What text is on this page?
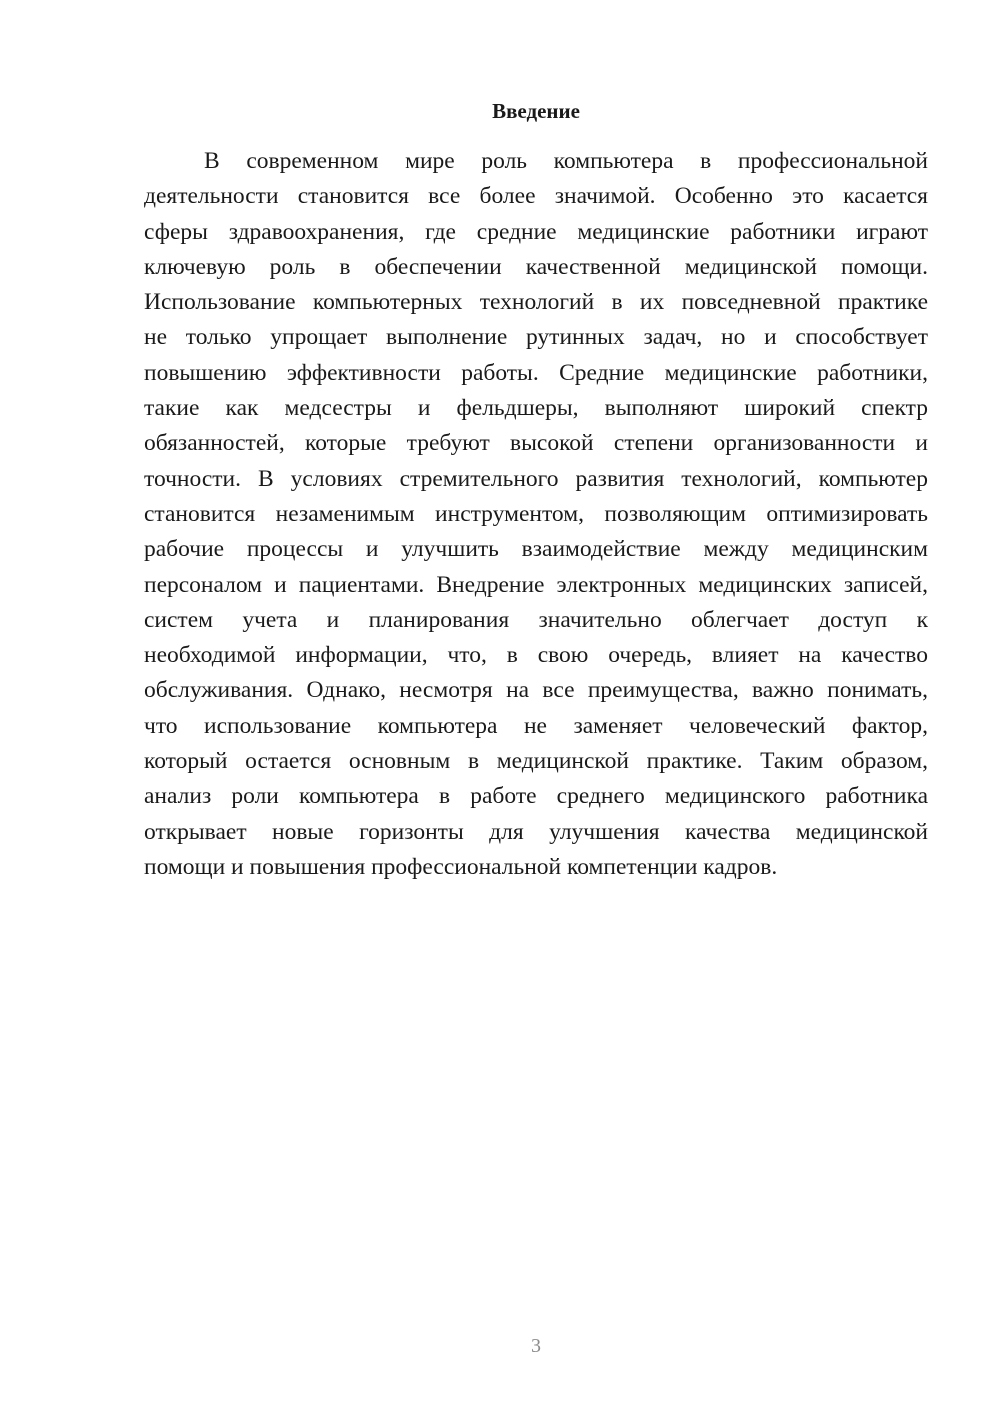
Введение
В современном мире роль компьютера в профессиональной
деятельности становится все более значимой. Особенно это касается
сферы здравоохранения, где средние медицинские работники играют
ключевую роль в обеспечении качественной медицинской помощи.
Использование компьютерных технологий в их повседневной практике
не только упрощает выполнение рутинных задач, но и способствует
повышению эффективности работы. Средние медицинские работники,
такие как медсестры и фельдшеры, выполняют широкий спектр
обязанностей, которые требуют высокой степени организованности и
точности. В условиях стремительного развития технологий, компьютер
становится незаменимым инструментом, позволяющим оптимизировать
рабочие процессы и улучшить взаимодействие между медицинским
персоналом и пациентами. Внедрение электронных медицинских записей,
систем учета и планирования значительно облегчает доступ к
необходимой информации, что, в свою очередь, влияет на качество
обслуживания. Однако, несмотря на все преимущества, важно понимать,
что использование компьютера не заменяет человеческий фактор,
который остается основным в медицинской практике. Таким образом,
анализ роли компьютера в работе среднего медицинского работника
открывает новые горизонты для улучшения качества медицинской
помощи и повышения профессиональной компетенции кадров.
3
